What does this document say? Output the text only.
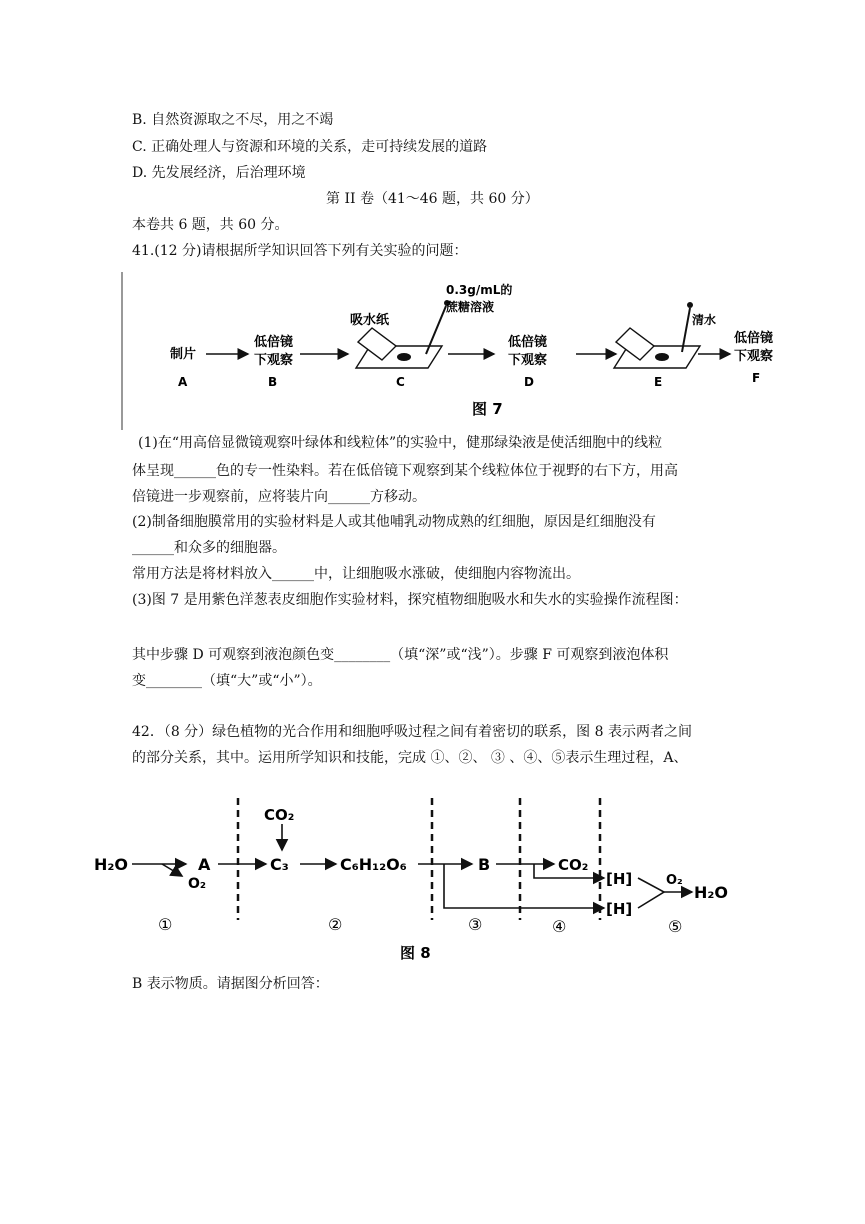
B. 自然资源取之不尽，用之不竭
C. 正确处理人与资源和环境的关系，走可持续发展的道路
D. 先发展经济，后治理环境
第 II 卷（41～46 题，共 60 分）
本卷共 6 题，共 60 分。
41.(12 分)请根据所学知识回答下列有关实验的问题：
制片
A
低倍镜
下观察
B
吸水纸
0.3g/mL的
蔗糖溶液
C
低倍镜
下观察
D
清水
E
低倍镜
下观察
F
图 7
(1)在“用高倍显微镜观察叶绿体和线粒体”的实验中，健那绿染液是使活细胞中的线粒
体呈现______色的专一性染料。若在低倍镜下观察到某个线粒体位于视野的右下方，用高
倍镜进一步观察前，应将装片向______方移动。
(2)制备细胞膜常用的实验材料是人或其他哺乳动物成熟的红细胞，原因是红细胞没有
______和众多的细胞器。
常用方法是将材料放入______中，让细胞吸水涨破，使细胞内容物流出。
(3)图 7 是用紫色洋葱表皮细胞作实验材料，探究植物细胞吸水和失水的实验操作流程图：
其中步骤 D 可观察到液泡颜色变________（填“深”或“浅”）。步骤 F 可观察到液泡体积
变________（填“大”或“小”）。
42．（8 分）绿色植物的光合作用和细胞呼吸过程之间有着密切的联系，图 8 表示两者之间
的部分关系，其中。运用所学知识和技能，完成 ①、②、 ③ 、④、⑤表示生理过程，A、
H₂O	A
O₂
CO₂
C₃	C₆H₁₂O₆	B	CO₂
[H]
[H]
O₂
H₂O
①	②	③	④	⑤
图 8
B 表示物质。请据图分析回答：
